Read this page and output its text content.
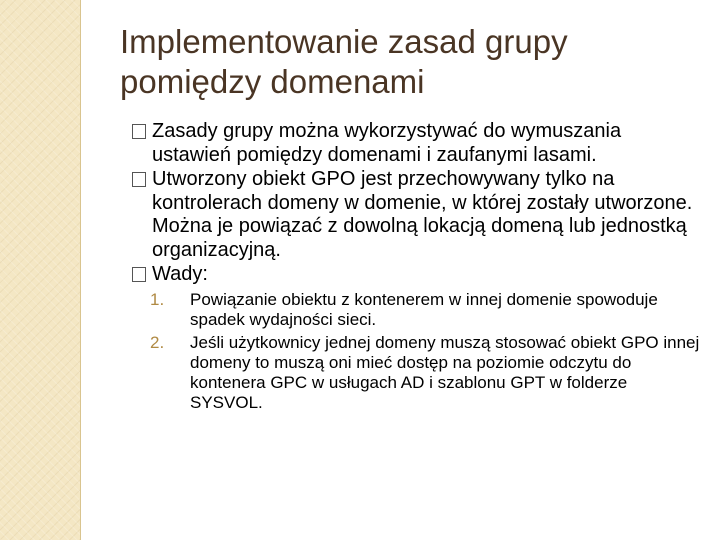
Implementowanie zasad grupy pomiędzy domenami
Zasady grupy można wykorzystywać do wymuszania ustawień pomiędzy domenami i zaufanymi lasami.
Utworzony obiekt GPO jest przechowywany tylko na kontrolerach domeny w domenie, w której zostały utworzone. Można je powiązać z dowolną lokacją domeną lub jednostką organizacyjną.
Wady:
1. Powiązanie obiektu z kontenerem w innej domenie spowoduje spadek wydajności sieci.
2. Jeśli użytkownicy jednej domeny muszą stosować obiekt GPO innej domeny to muszą oni mieć dostęp na poziomie odczytu do kontenera GPC w usługach AD i szablonu GPT w folderze SYSVOL.
